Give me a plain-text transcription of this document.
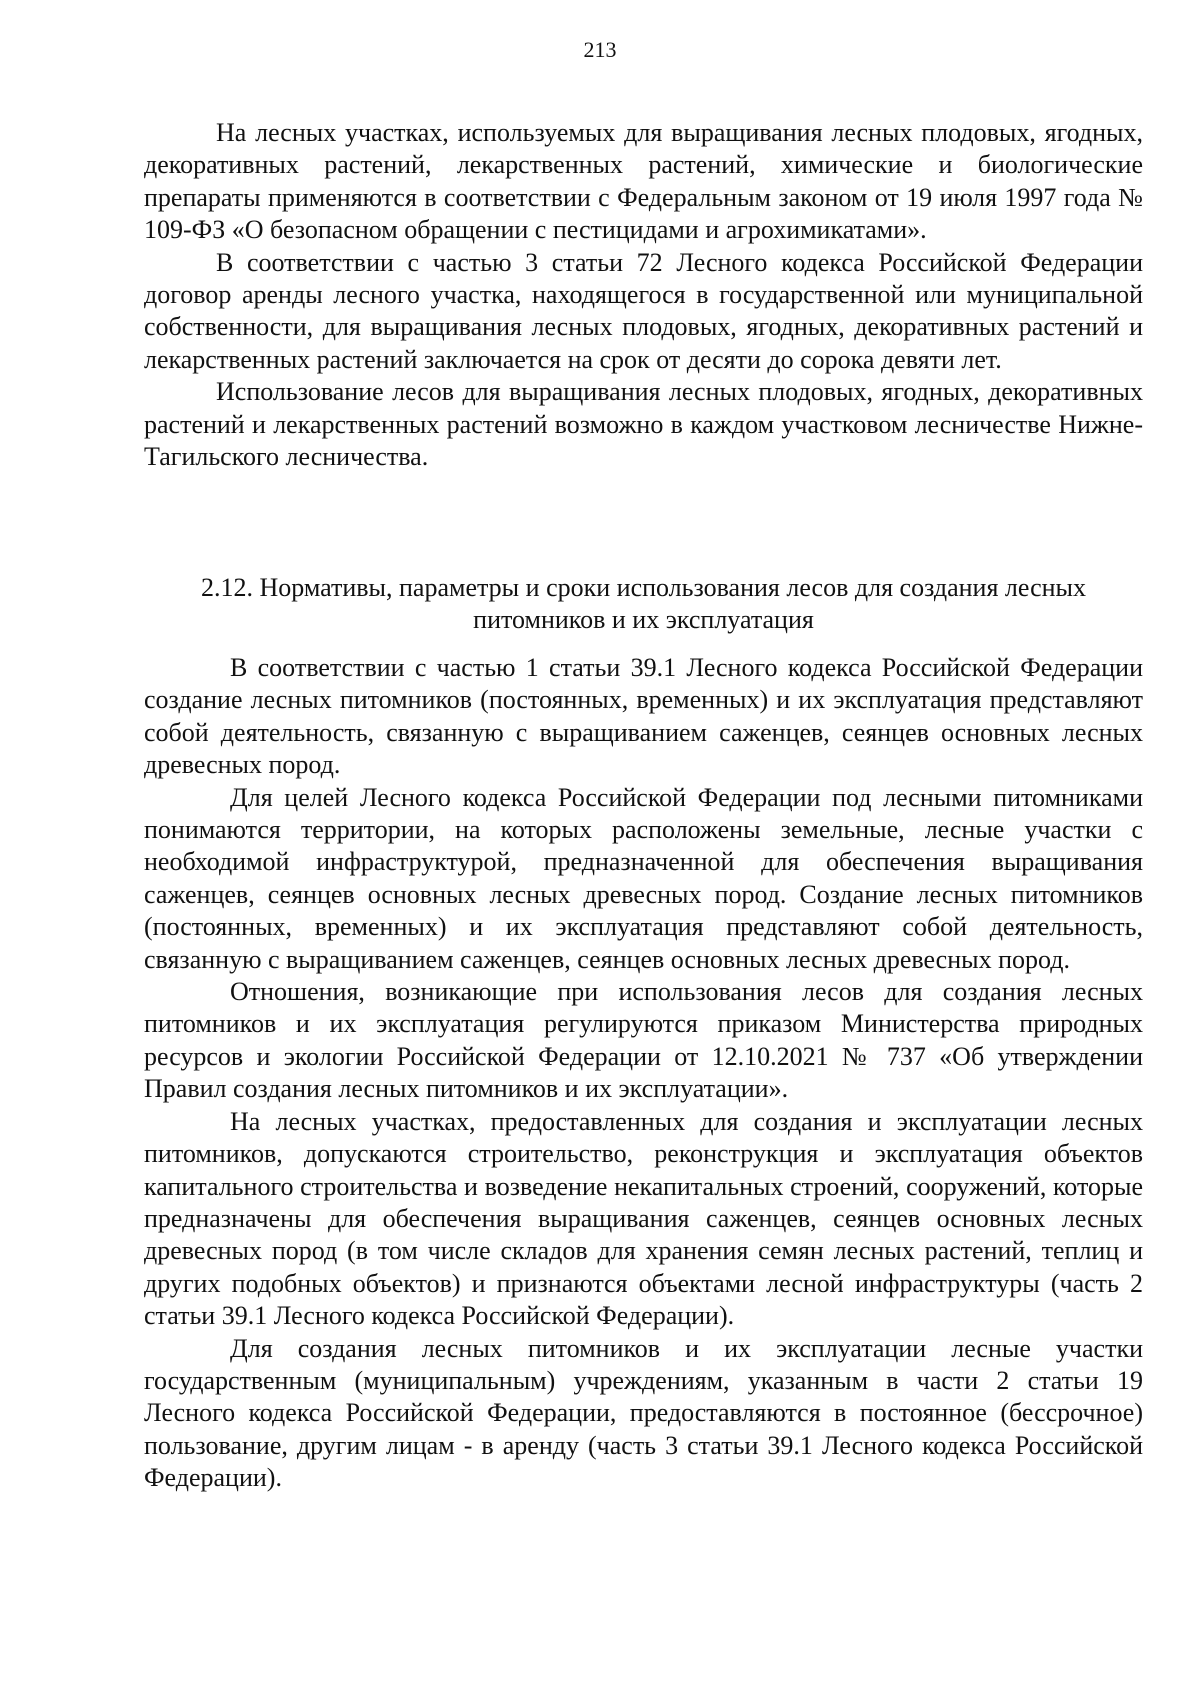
213

На лесных участках, используемых для выращивания лесных плодовых, ягодных, декоративных растений, лекарственных растений, химические и биологические препараты применяются в соответствии с Федеральным законом от 19 июля 1997 года № 109-ФЗ «О безопасном обращении с пестицидами и агрохимикатами».

В соответствии с частью 3 статьи 72 Лесного кодекса Российской Федерации договор аренды лесного участка, находящегося в государственной или муниципальной собственности, для выращивания лесных плодовых, ягодных, декоративных растений и лекарственных растений заключается на срок от десяти до сорока девяти лет.

Использование лесов для выращивания лесных плодовых, ягодных, декоративных растений и лекарственных растений возможно в каждом участковом лесничестве Нижне-Тагильского лесничества.

2.12. Нормативы, параметры и сроки использования лесов для создания лесных питомников и их эксплуатация

В соответствии с частью 1 статьи 39.1 Лесного кодекса Российской Федерации создание лесных питомников (постоянных, временных) и их эксплуатация представляют собой деятельность, связанную с выращиванием саженцев, сеянцев основных лесных древесных пород.

Для целей Лесного кодекса Российской Федерации под лесными питомниками понимаются территории, на которых расположены земельные, лесные участки с необходимой инфраструктурой, предназначенной для обеспечения выращивания саженцев, сеянцев основных лесных древесных пород. Создание лесных питомников (постоянных, временных) и их эксплуатация представляют собой деятельность, связанную с выращиванием саженцев, сеянцев основных лесных древесных пород.

Отношения, возникающие при использования лесов для создания лесных питомников и их эксплуатация регулируются приказом Министерства природных ресурсов и экологии Российской Федерации от 12.10.2021 № 737 «Об утверждении Правил создания лесных питомников и их эксплуатации».

На лесных участках, предоставленных для создания и эксплуатации лесных питомников, допускаются строительство, реконструкция и эксплуатация объектов капитального строительства и возведение некапитальных строений, сооружений, которые предназначены для обеспечения выращивания саженцев, сеянцев основных лесных древесных пород (в том числе складов для хранения семян лесных растений, теплиц и других подобных объектов) и признаются объектами лесной инфраструктуры (часть 2 статьи 39.1 Лесного кодекса Российской Федерации).

Для создания лесных питомников и их эксплуатации лесные участки государственным (муниципальным) учреждениям, указанным в части 2 статьи 19 Лесного кодекса Российской Федерации, предоставляются в постоянное (бессрочное) пользование, другим лицам - в аренду (часть 3 статьи 39.1 Лесного кодекса Российской Федерации).
